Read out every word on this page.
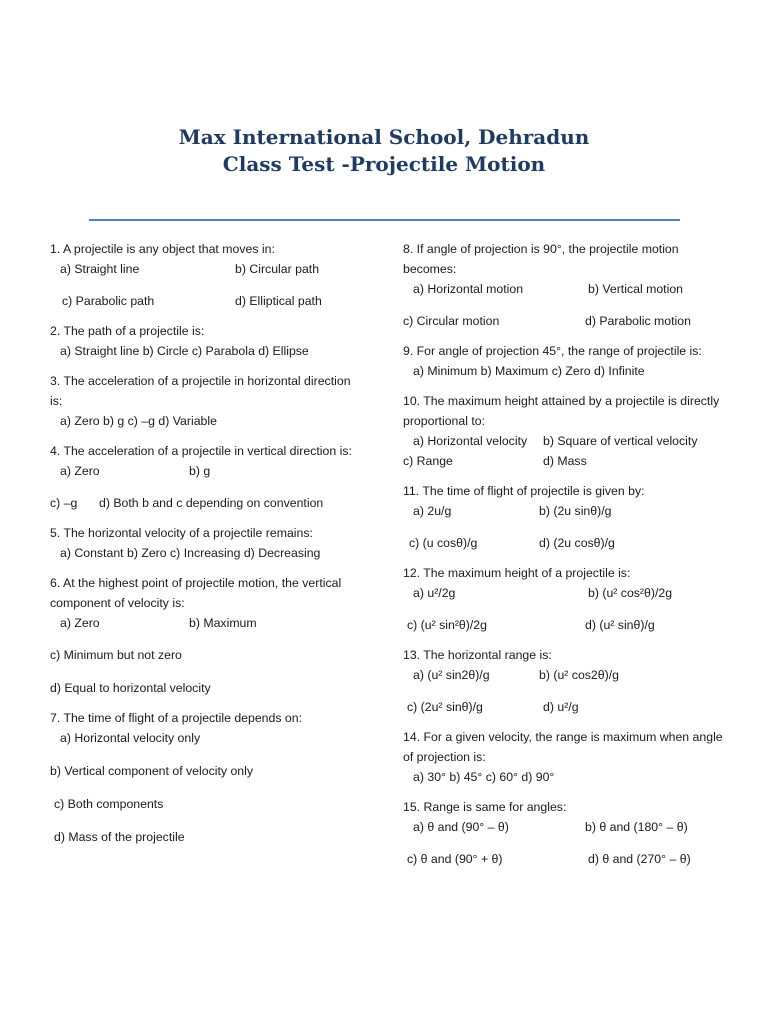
Max International School, Dehradun
Class Test -Projectile Motion
1. A projectile is any object that moves in:
a) Straight line	b) Circular path
c) Parabolic path	d) Elliptical path
2. The path of a projectile is:
a) Straight line b) Circle c) Parabola d) Ellipse
3. The acceleration of a projectile in horizontal direction is:
a) Zero b) g c) –g d) Variable
4. The acceleration of a projectile in vertical direction is:
a) Zero	b) g
c) –g d) Both b and c depending on convention
5. The horizontal velocity of a projectile remains:
a) Constant b) Zero c) Increasing d) Decreasing
6. At the highest point of projectile motion, the vertical component of velocity is:
a) Zero	b) Maximum
c) Minimum but not zero
d) Equal to horizontal velocity
7. The time of flight of a projectile depends on:
a) Horizontal velocity only
b) Vertical component of velocity only
c) Both components
d) Mass of the projectile
8. If angle of projection is 90°, the projectile motion becomes:
a) Horizontal motion	b) Vertical motion
c) Circular motion	d) Parabolic motion
9. For angle of projection 45°, the range of projectile is:
a) Minimum b) Maximum c) Zero d) Infinite
10. The maximum height attained by a projectile is directly proportional to:
a) Horizontal velocity b) Square of vertical velocity
c) Range	d) Mass
11. The time of flight of projectile is given by:
a) 2u/g	b) (2u sinθ)/g
c) (u cosθ)/g	d) (2u cosθ)/g
12. The maximum height of a projectile is:
a) u²/2g	b) (u² cos²θ)/2g
c) (u² sin²θ)/2g	d) (u² sinθ)/g
13. The horizontal range is:
a) (u² sin2θ)/g	b) (u² cos2θ)/g
c) (2u² sinθ)/g	d) u²/g
14. For a given velocity, the range is maximum when angle of projection is:
a) 30° b) 45° c) 60° d) 90°
15. Range is same for angles:
a) θ and (90° – θ)	b) θ and (180° – θ)
c) θ and (90° + θ)	d) θ and (270° – θ)
